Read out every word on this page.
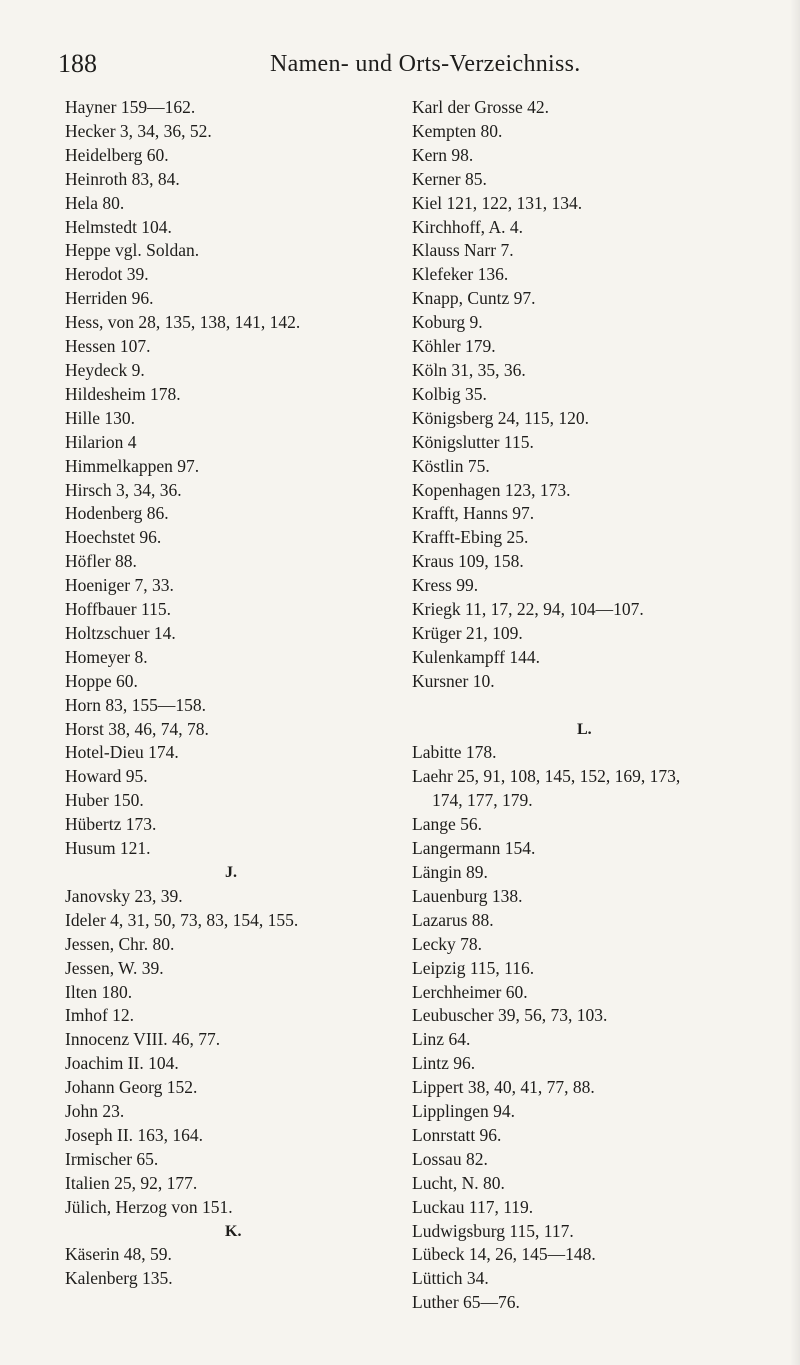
188	Namen- und Orts-Verzeichniss.
Hayner 159—162.
Hecker 3, 34, 36, 52.
Heidelberg 60.
Heinroth 83, 84.
Hela 80.
Helmstedt 104.
Heppe vgl. Soldan.
Herodot 39.
Herriden 96.
Hess, von 28, 135, 138, 141, 142.
Hessen 107.
Heydeck 9.
Hildesheim 178.
Hille 130.
Hilarion 4
Himmelkappen 97.
Hirsch 3, 34, 36.
Hodenberg 86.
Hoechstet 96.
Höfler 88.
Hoeniger 7, 33.
Hoffbauer 115.
Holtzschuer 14.
Homeyer 8.
Hoppe 60.
Horn 83, 155—158.
Horst 38, 46, 74, 78.
Hotel-Dieu 174.
Howard 95.
Huber 150.
Hübertz 173.
Husum 121.
J.
Janovsky 23, 39.
Ideler 4, 31, 50, 73, 83, 154, 155.
Jessen, Chr. 80.
Jessen, W. 39.
Ilten 180.
Imhof 12.
Innocenz VIII. 46, 77.
Joachim II. 104.
Johann Georg 152.
John 23.
Joseph II. 163, 164.
Irmischer 65.
Italien 25, 92, 177.
Jülich, Herzog von 151.
K.
Käserin 48, 59.
Kalenberg 135.
Karl der Grosse 42.
Kempten 80.
Kern 98.
Kerner 85.
Kiel 121, 122, 131, 134.
Kirchhoff, A. 4.
Klauss Narr 7.
Klefeker 136.
Knapp, Cuntz 97.
Koburg 9.
Köhler 179.
Köln 31, 35, 36.
Kolbig 35.
Königsberg 24, 115, 120.
Königslutter 115.
Köstlin 75.
Kopenhagen 123, 173.
Krafft, Hanns 97.
Krafft-Ebing 25.
Kraus 109, 158.
Kress 99.
Kriegk 11, 17, 22, 94, 104—107.
Krüger 21, 109.
Kulenkampff 144.
Kursner 10.

L.
Labitte 178.
Laehr 25, 91, 108, 145, 152, 169, 173,
174, 177, 179.
Lange 56.
Langermann 154.
Längin 89.
Lauenburg 138.
Lazarus 88.
Lecky 78.
Leipzig 115, 116.
Lerchheimer 60.
Leubuscher 39, 56, 73, 103.
Linz 64.
Lintz 96.
Lippert 38, 40, 41, 77, 88.
Lipplingen 94.
Lonrstatt 96.
Lossau 82.
Lucht, N. 80.
Luckau 117, 119.
Ludwigsburg 115, 117.
Lübeck 14, 26, 145—148.
Lüttich 34.
Luther 65—76.
